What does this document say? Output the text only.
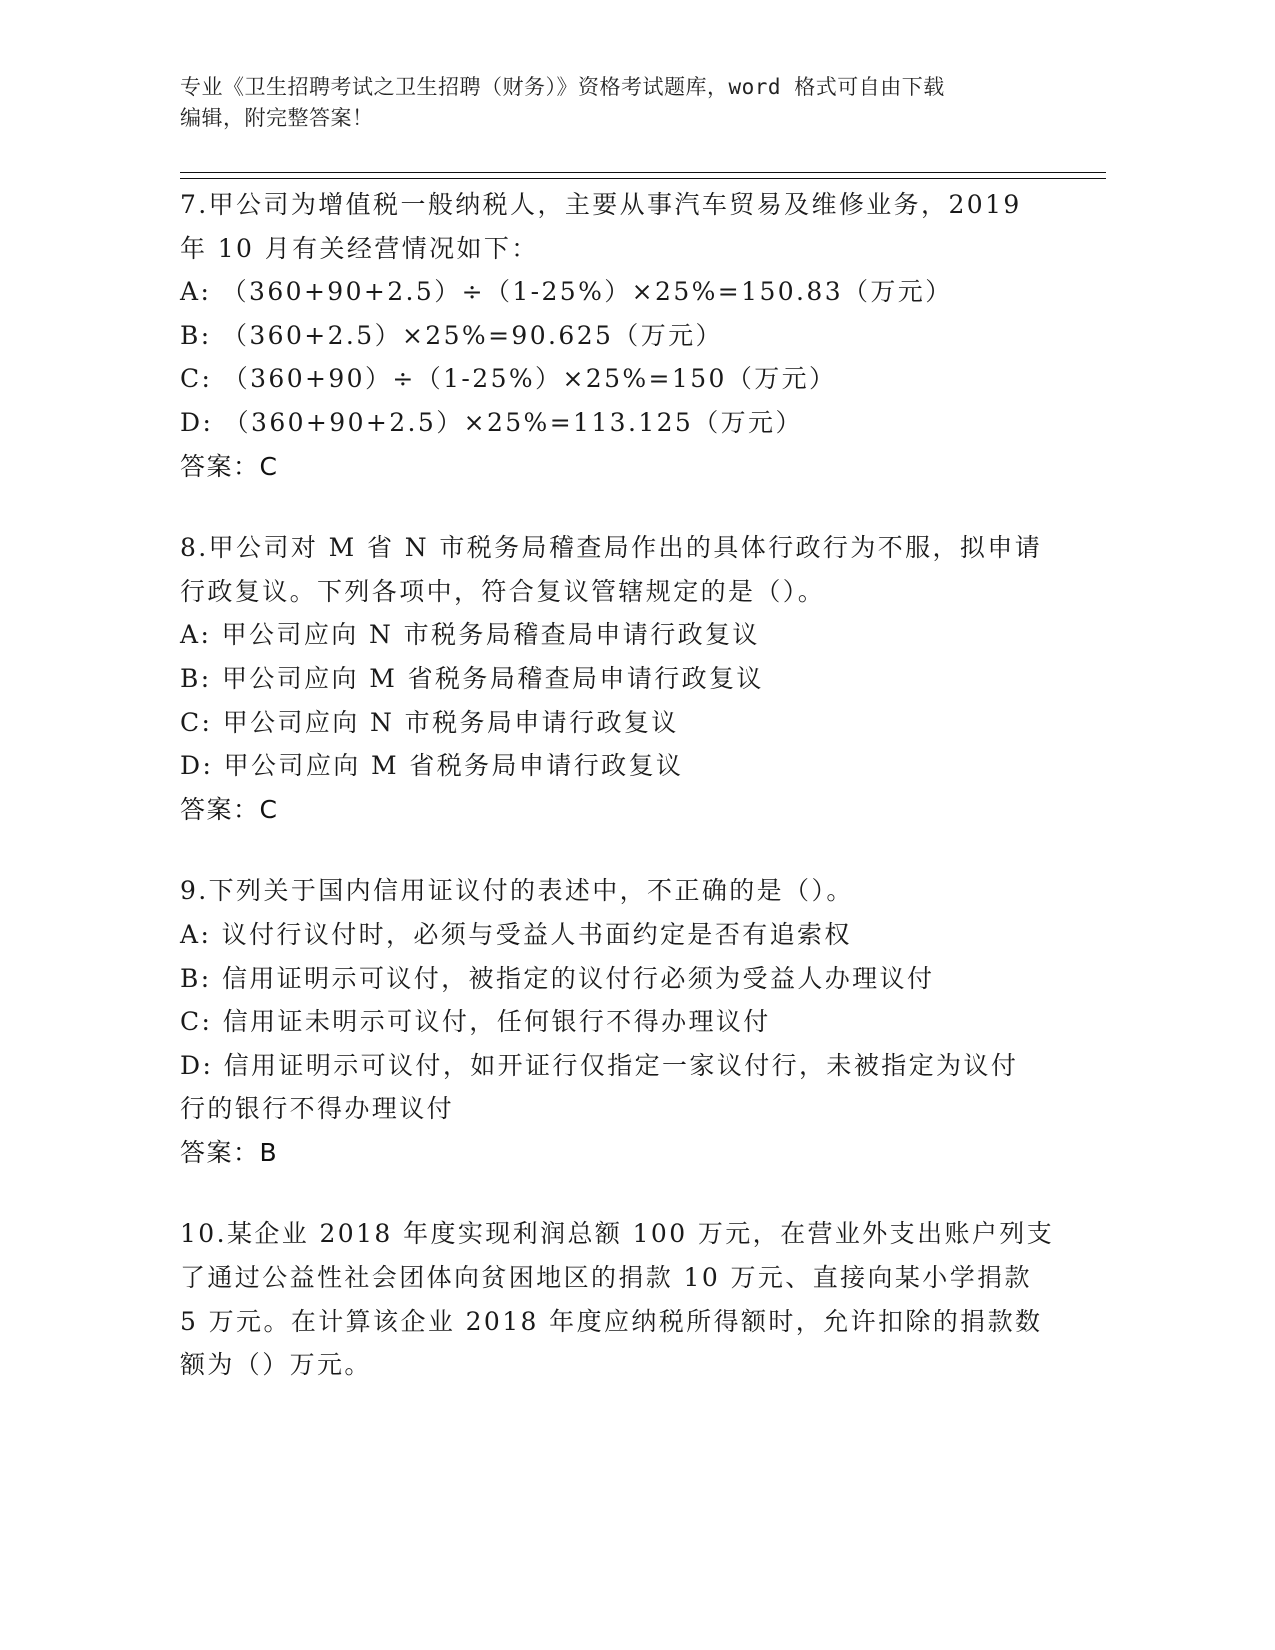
专业《卫生招聘考试之卫生招聘（财务）》资格考试题库，word 格式可自由下载
编辑，附完整答案！
7.甲公司为增值税一般纳税人，主要从事汽车贸易及维修业务，2019
年 10 月有关经营情况如下：
A: （360+90+2.5）÷（1-25%）×25%=150.83（万元）
B: （360+2.5）×25%=90.625（万元）
C: （360+90）÷（1-25%）×25%=150（万元）
D: （360+90+2.5）×25%=113.125（万元）
答案：C
8.甲公司对 M 省 N 市税务局稽查局作出的具体行政行为不服，拟申请
行政复议。下列各项中，符合复议管辖规定的是（）。
A: 甲公司应向 N 市税务局稽查局申请行政复议
B: 甲公司应向 M 省税务局稽查局申请行政复议
C: 甲公司应向 N 市税务局申请行政复议
D: 甲公司应向 M 省税务局申请行政复议
答案：C
9.下列关于国内信用证议付的表述中，不正确的是（）。
A: 议付行议付时，必须与受益人书面约定是否有追索权
B: 信用证明示可议付，被指定的议付行必须为受益人办理议付
C: 信用证未明示可议付，任何银行不得办理议付
D: 信用证明示可议付，如开证行仅指定一家议付行，未被指定为议付
行的银行不得办理议付
答案：B
10.某企业 2018 年度实现利润总额 100 万元，在营业外支出账户列支
了通过公益性社会团体向贫困地区的捐款 10 万元、直接向某小学捐款
5 万元。在计算该企业 2018 年度应纳税所得额时，允许扣除的捐款数
额为（）万元。
